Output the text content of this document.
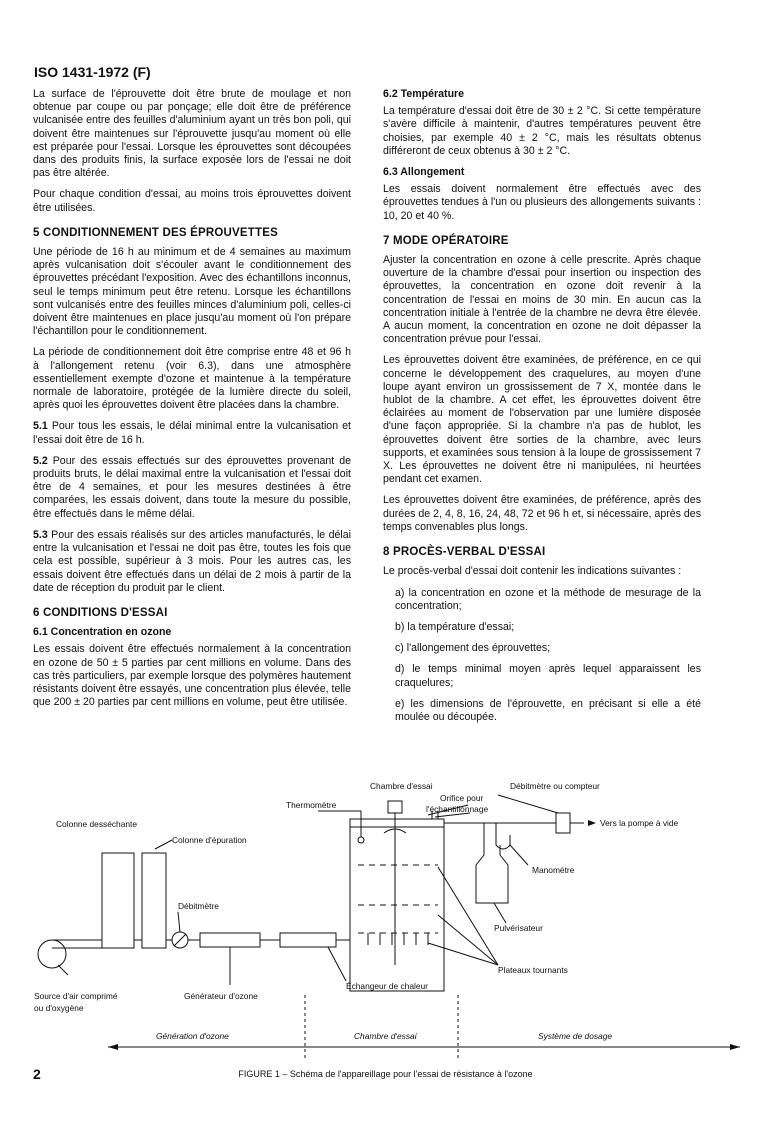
ISO 1431-1972 (F)

La surface de l'éprouvette doit être brute de moulage et non obtenue par coupe ou par ponçage; elle doit être de préférence vulcanisée entre des feuilles d'aluminium ayant un très bon poli, qui doivent être maintenues sur l'éprouvette jusqu'au moment où elle est préparée pour l'essai. Lorsque les éprouvettes sont découpées dans des produits finis, la surface exposée lors de l'essai ne doit pas être altérée.

Pour chaque condition d'essai, au moins trois éprouvettes doivent être utilisées.

5 CONDITIONNEMENT DES ÉPROUVETTES

Une période de 16 h au minimum et de 4 semaines au maximum après vulcanisation doit s'écouler avant le conditionnement des éprouvettes précédant l'exposition. Avec des échantillons inconnus, seul le temps minimum peut être retenu. Lorsque les échantillons sont vulcanisés entre des feuilles minces d'aluminium poli, celles-ci doivent être maintenues en place jusqu'au moment où l'on prépare l'échantillon pour le conditionnement.

La période de conditionnement doit être comprise entre 48 et 96 h à l'allongement retenu (voir 6.3), dans une atmosphère essentiellement exempte d'ozone et maintenue à la température normale de laboratoire, protégée de la lumière directe du soleil, après quoi les éprouvettes doivent être placées dans la chambre.

5.1 Pour tous les essais, le délai minimal entre la vulcanisation et l'essai doit être de 16 h.

5.2 Pour des essais effectués sur des éprouvettes provenant de produits bruts, le délai maximal entre la vulcanisation et l'essai doit être de 4 semaines, et pour les mesures destinées à être comparées, les essais doivent, dans toute la mesure du possible, être effectués dans le même délai.

5.3 Pour des essais réalisés sur des articles manufacturés, le délai entre la vulcanisation et l'essai ne doit pas être, toutes les fois que cela est possible, supérieur à 3 mois. Pour les autres cas, les essais doivent être effectués dans un délai de 2 mois à partir de la date de réception du produit par le client.

6 CONDITIONS D'ESSAI
6.1 Concentration en ozone

Les essais doivent être effectués normalement à la concentration en ozone de 50 ± 5 parties par cent millions en volume. Dans des cas très particuliers, par exemple lorsque des polymères hautement résistants doivent être essayés, une concentration plus élevée, telle que 200 ± 20 parties par cent millions en volume, peut être utilisée.

6.2 Température

La température d'essai doit être de 30 ± 2 °C. Si cette température s'avère difficile à maintenir, d'autres températures peuvent être choisies, par exemple 40 ± 2 °C, mais les résultats obtenus différeront de ceux obtenus à 30 ± 2 °C.

6.3 Allongement

Les essais doivent normalement être effectués avec des éprouvettes tendues à l'un ou plusieurs des allongements suivants : 10, 20 et 40 %.

7 MODE OPÉRATOIRE

Ajuster la concentration en ozone à celle prescrite. Après chaque ouverture de la chambre d'essai pour insertion ou inspection des éprouvettes, la concentration en ozone doit revenir à la concentration de l'essai en moins de 30 min. En aucun cas la concentration initiale à l'entrée de la chambre ne devra être élevée. A aucun moment, la concentration en ozone ne doit dépasser la concentration prévue pour l'essai.

Les éprouvettes doivent être examinées, de préférence, en ce qui concerne le développement des craquelures, au moyen d'une loupe ayant environ un grossissement de 7 X, montée dans le hublot de la chambre. A cet effet, les éprouvettes doivent être éclairées au moment de l'observation par une lumière disposée d'une façon appropriée. Si la chambre n'a pas de hublot, les éprouvettes doivent être sorties de la chambre, avec leurs supports, et examinées sous tension à la loupe de grossissement 7 X. Les éprouvettes ne doivent être ni manipulées, ni heurtées pendant cet examen.

Les éprouvettes doivent être examinées, de préférence, après des durées de 2, 4, 8, 16, 24, 48, 72 et 96 h et, si nécessaire, après des temps convenables plus longs.

8 PROCÈS-VERBAL D'ESSAI

Le procès-verbal d'essai doit contenir les indications suivantes :

a) la concentration en ozone et la méthode de mesurage de la concentration;

b) la température d'essai;

c) l'allongement des éprouvettes;

d) le temps minimal moyen après lequel apparaissent les craquelures;

e) les dimensions de l'éprouvette, en précisant si elle a été moulée ou découpée.

Chambre d'essai	Débitmètre ou compteur
Thermomètre
Orifice pour
l'échantillonnage
Vers la pompe à vide
Colonne desséchante
Colonne d'épuration
Manomètre
Débitmètre
Pulvérisateur
Plateaux tournants
Échangeur de chaleur
Source d'air comprimé
ou d'oxygène
Générateur d'ozone
Génération d'ozone	Chambre d'essai	Système de dosage
2	FIGURE 1 – Schéma de l'appareillage pour l'essai de résistance à l'ozone
